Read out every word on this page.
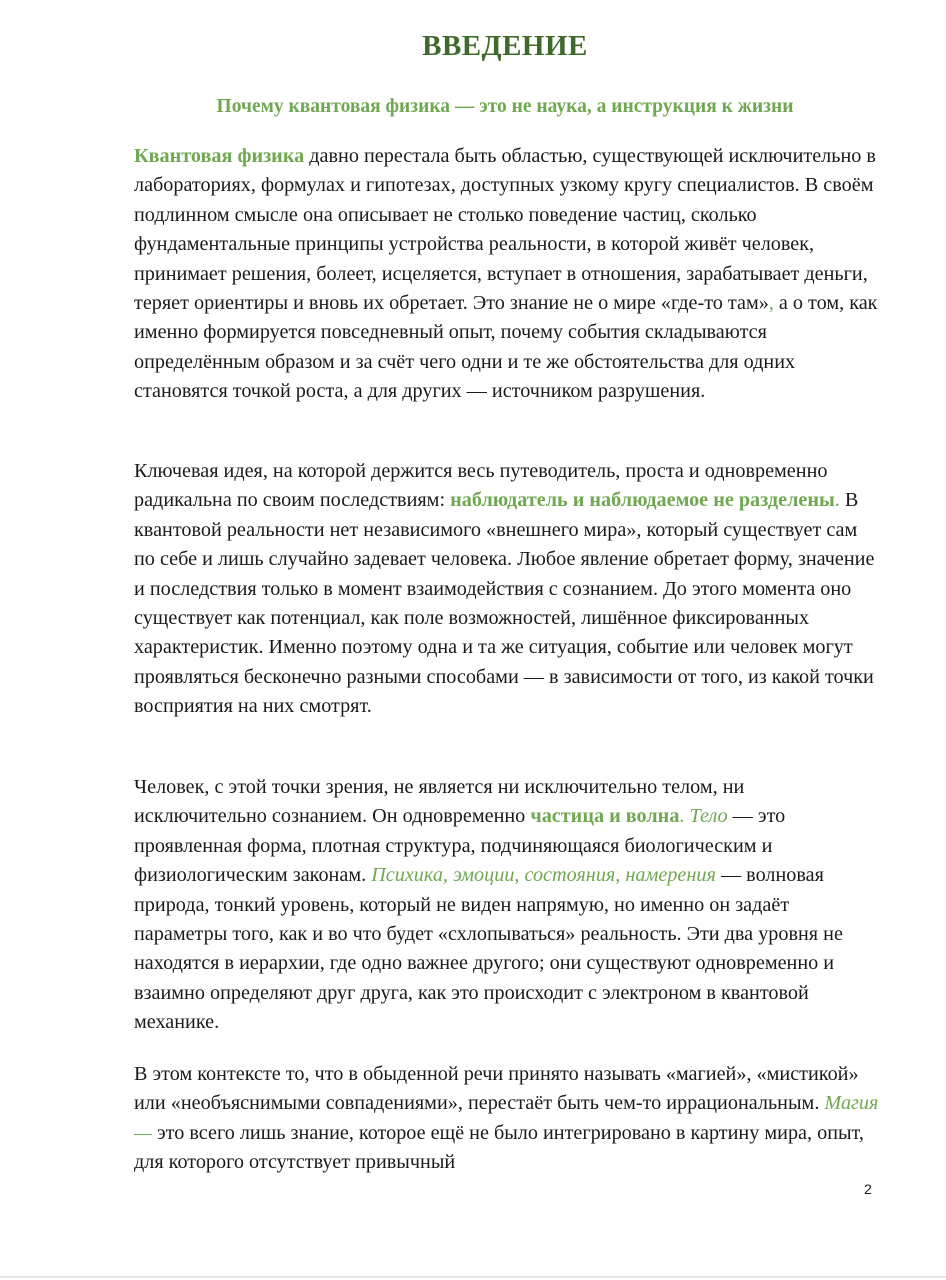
ВВЕДЕНИЕ
Почему квантовая физика — это не наука, а инструкция к жизни

Квантовая физика давно перестала быть областью, существующей исключительно в лабораториях, формулах и гипотезах, доступных узкому кругу специалистов. В своём подлинном смысле она описывает не столько поведение частиц, сколько фундаментальные принципы устройства реальности, в которой живёт человек, принимает решения, болеет, исцеляется, вступает в отношения, зарабатывает деньги, теряет ориентиры и вновь их обретает. Это знание не о мире «где-то там», а о том, как именно формируется повседневный опыт, почему события складываются определённым образом и за счёт чего одни и те же обстоятельства для одних становятся точкой роста, а для других — источником разрушения.

Ключевая идея, на которой держится весь путеводитель, проста и одновременно радикальна по своим последствиям: наблюдатель и наблюдаемое не разделены. В квантовой реальности нет независимого «внешнего мира», который существует сам по себе и лишь случайно задевает человека. Любое явление обретает форму, значение и последствия только в момент взаимодействия с сознанием. До этого момента оно существует как потенциал, как поле возможностей, лишённое фиксированных характеристик. Именно поэтому одна и та же ситуация, событие или человек могут проявляться бесконечно разными способами — в зависимости от того, из какой точки восприятия на них смотрят.

Человек, с этой точки зрения, не является ни исключительно телом, ни исключительно сознанием. Он одновременно частица и волна. Тело — это проявленная форма, плотная структура, подчиняющаяся биологическим и физиологическим законам. Психика, эмоции, состояния, намерения — волновая природа, тонкий уровень, который не виден напрямую, но именно он задаёт параметры того, как и во что будет «схлопываться» реальность. Эти два уровня не находятся в иерархии, где одно важнее другого; они существуют одновременно и взаимно определяют друг друга, как это происходит с электроном в квантовой механике.

В этом контексте то, что в обыденной речи принято называть «магией», «мистикой» или «необъяснимыми совпадениями», перестаёт быть чем-то иррациональным. Магия — это всего лишь знание, которое ещё не было интегрировано в картину мира, опыт, для которого отсутствует привычный

2
